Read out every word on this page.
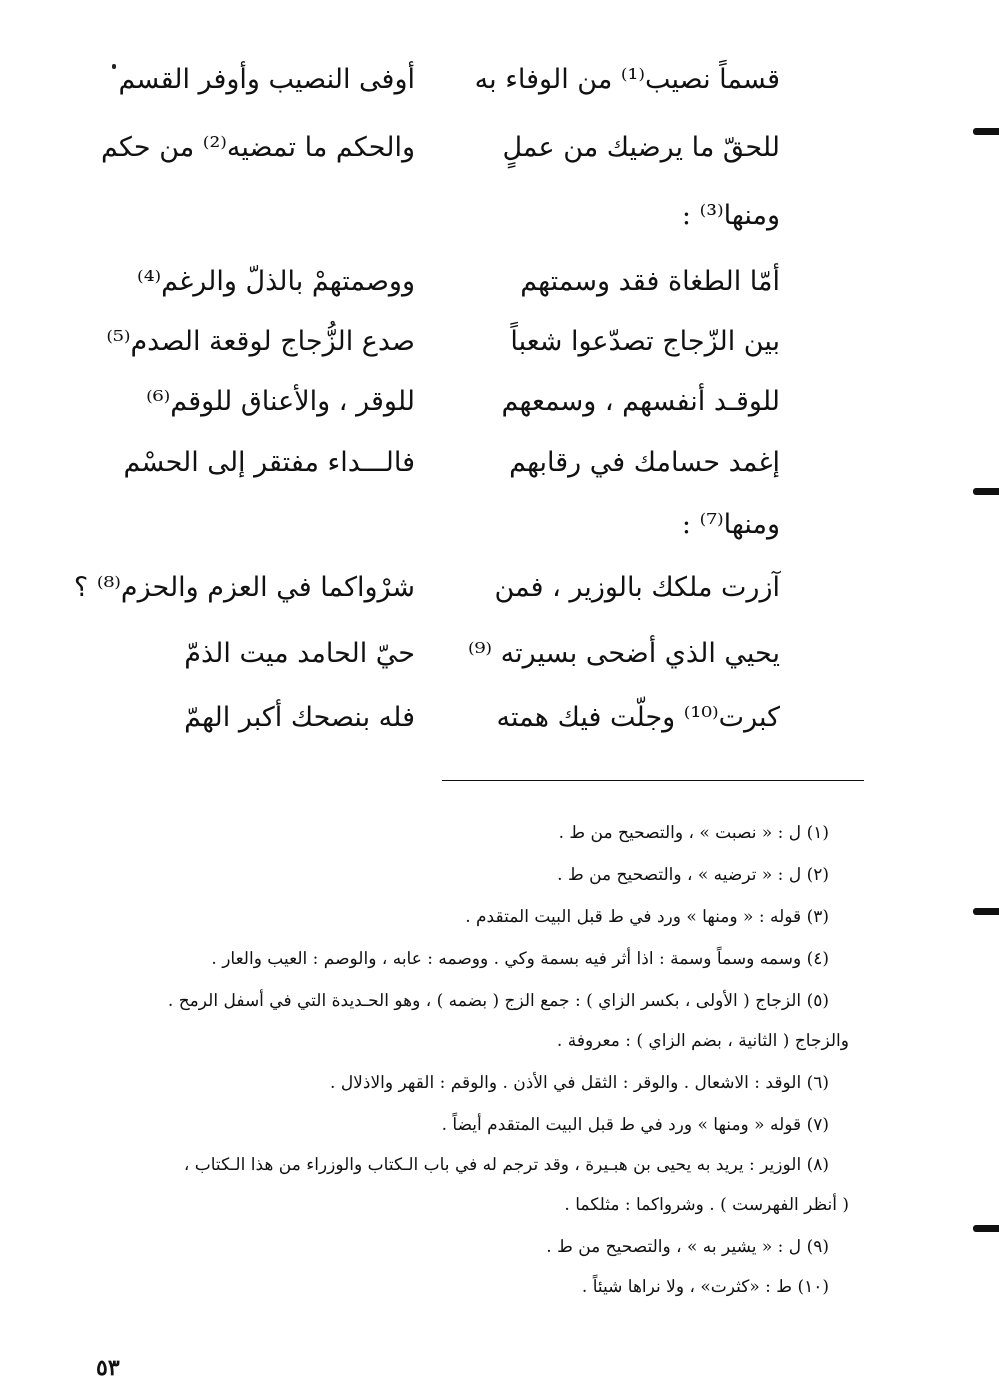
قسماً نصيب⁽¹⁾ من الوفاء به
أوفى النصيب وأوفر القسم
للحقّ ما يرضيك من عملٍ
والحكم ما تمضيه⁽²⁾ من حكم
ومنها⁽³⁾ :
أمّا الطغاة فقد وسمتهم
ووصمتهمْ بالذلّ والرغم⁽⁴⁾
بين الزّجاج تصدّعوا شعباً
صدع الزُّجاج لوقعة الصدم⁽⁵⁾
للوقـد أنفسهم ، وسمعهم
للوقر ، والأعناق للوقم⁽⁶⁾
إغمد حسامك في رقابهم
فالـــداء مفتقر إلى الحسْم
ومنها⁽⁷⁾ :
آزرت ملكك بالوزير ، فمن
شرْواكما في العزم والحزم⁽⁸⁾ ؟
يحيي الذي أضحى بسيرته ⁽⁹⁾
حيّ الحامد ميت الذمّ
كبرت⁽¹⁰⁾ وجلّت فيك همته
فله بنصحك أكبر الهمّ
(١) ل : « نصبت » ، والتصحيح من ط .
(٢) ل : « ترضيه » ، والتصحيح من ط .
(٣) قوله : « ومنها » ورد في ط قبل البيت المتقدم .
(٤) وسمه وسماً وسمة : اذا أثر فيه بسمة وكي . ووصمه : عابه ، والوصم : العيب والعار .
(٥) الزجاج ( الأولى ، بكسر الزاي ) : جمع الزج ( بضمه ) ، وهو الحـديدة التي في أسفل الرمح .
والزجاج ( الثانية ، بضم الزاي ) : معروفة .
(٦) الوقد : الاشعال . والوقر : الثقل في الأذن . والوقم : القهر والاذلال .
(٧) قوله « ومنها » ورد في ط قبل البيت المتقدم أيضاً .
(٨) الوزير : يريد به يحيى بن هبـيرة ، وقد ترجم له في باب الـكتاب والوزراء من هذا الـكتاب ،
( أنظر الفهرست ) . وشرواكما : مثلكما .
(٩) ل : « يشير به » ، والتصحيح من ط .
(١٠) ط : «كثرت» ، ولا نراها شيئاً .
٥٣
